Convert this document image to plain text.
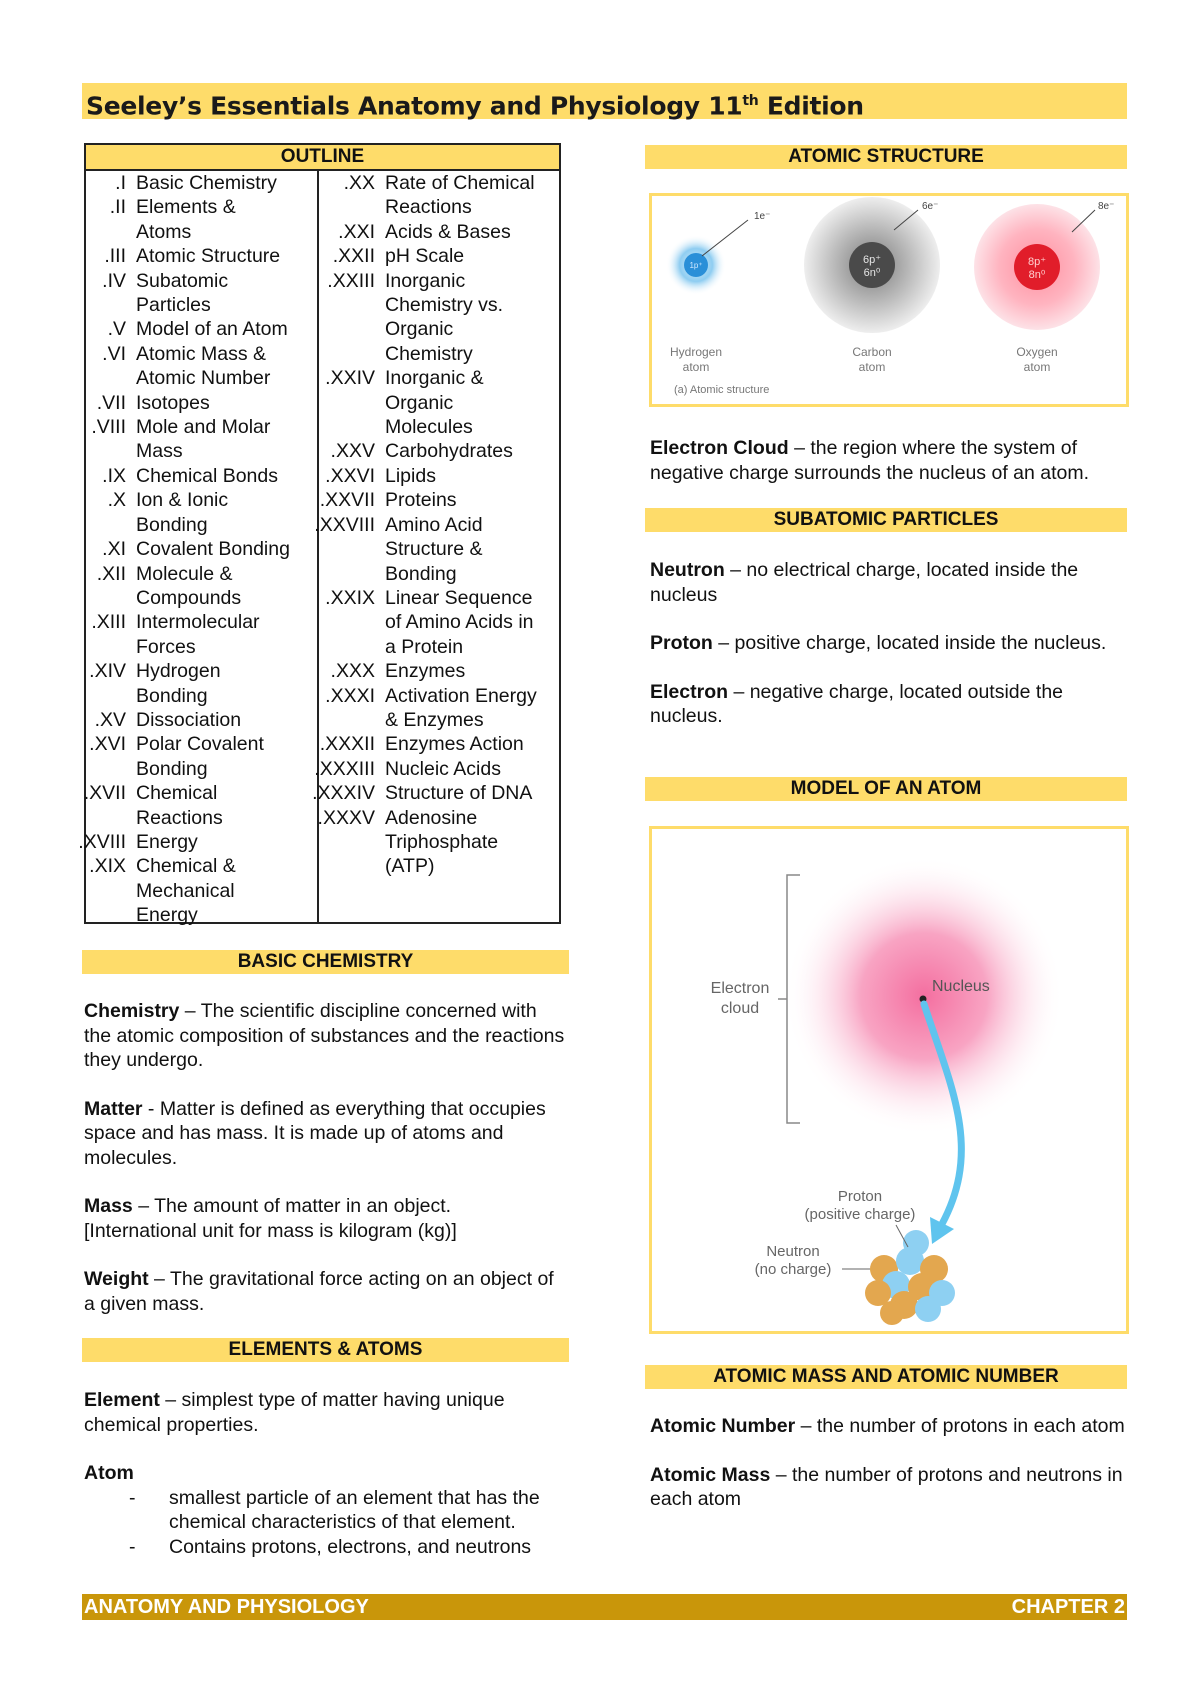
Seeley’s Essentials Anatomy and Physiology 11th Edition
OUTLINE
I. Basic Chemistry
II. Elements &
Atoms
III. Atomic Structure
IV. Subatomic
Particles
V. Model of an Atom
VI. Atomic Mass &
Atomic Number
VII. Isotopes
VIII. Mole and Molar
Mass
IX. Chemical Bonds
X. Ion & Ionic
Bonding
XI. Covalent Bonding
XII. Molecule &
Compounds
XIII. Intermolecular
Forces
XIV. Hydrogen
Bonding
XV. Dissociation
XVI. Polar Covalent
Bonding
XVII. Chemical
Reactions
XVIII. Energy
XIX. Chemical &
Mechanical
Energy
XX. Rate of Chemical
Reactions
XXI. Acids & Bases
XXII. pH Scale
XXIII. Inorganic
Chemistry vs.
Organic
Chemistry
XXIV. Inorganic &
Organic
Molecules
XXV. Carbohydrates
XXVI. Lipids
XXVII. Proteins
XXVIII. Amino Acid
Structure &
Bonding
XXIX. Linear Sequence
of Amino Acids in
a Protein
XXX. Enzymes
XXXI. Activation Energy
& Enzymes
XXXII. Enzymes Action
XXXIII. Nucleic Acids
XXXIV. Structure of DNA
XXXV. Adenosine
Triphosphate
(ATP)
BASIC CHEMISTRY

Chemistry – The scientific discipline concerned with the atomic composition of substances and the reactions they undergo.

Matter - Matter is defined as everything that occupies space and has mass. It is made up of atoms and molecules.

Mass – The amount of matter in an object. [International unit for mass is kilogram (kg)]

Weight – The gravitational force acting on an object of a given mass.

ELEMENTS & ATOMS

Element – simplest type of matter having unique chemical properties.

Atom
- smallest particle of an element that has the chemical characteristics of that element.
- Contains protons, electrons, and neutrons
ATOMIC STRUCTURE
1p⁺
1e⁻
Hydrogen
atom
6p⁺
6n⁰
6e⁻
Carbon
atom
8p⁺
8n⁰
8e⁻
Oxygen
atom
(a) Atomic structure

Electron Cloud – the region where the system of negative charge surrounds the nucleus of an atom.

SUBATOMIC PARTICLES

Neutron – no electrical charge, located inside the nucleus

Proton – positive charge, located inside the nucleus.

Electron – negative charge, located outside the nucleus.

MODEL OF AN ATOM
Electron
cloud
Nucleus
Proton
(positive charge)
Neutron
(no charge)
ATOMIC MASS AND ATOMIC NUMBER

Atomic Number – the number of protons in each atom

Atomic Mass – the number of protons and neutrons in each atom

ANATOMY AND PHYSIOLOGY	CHAPTER 2
